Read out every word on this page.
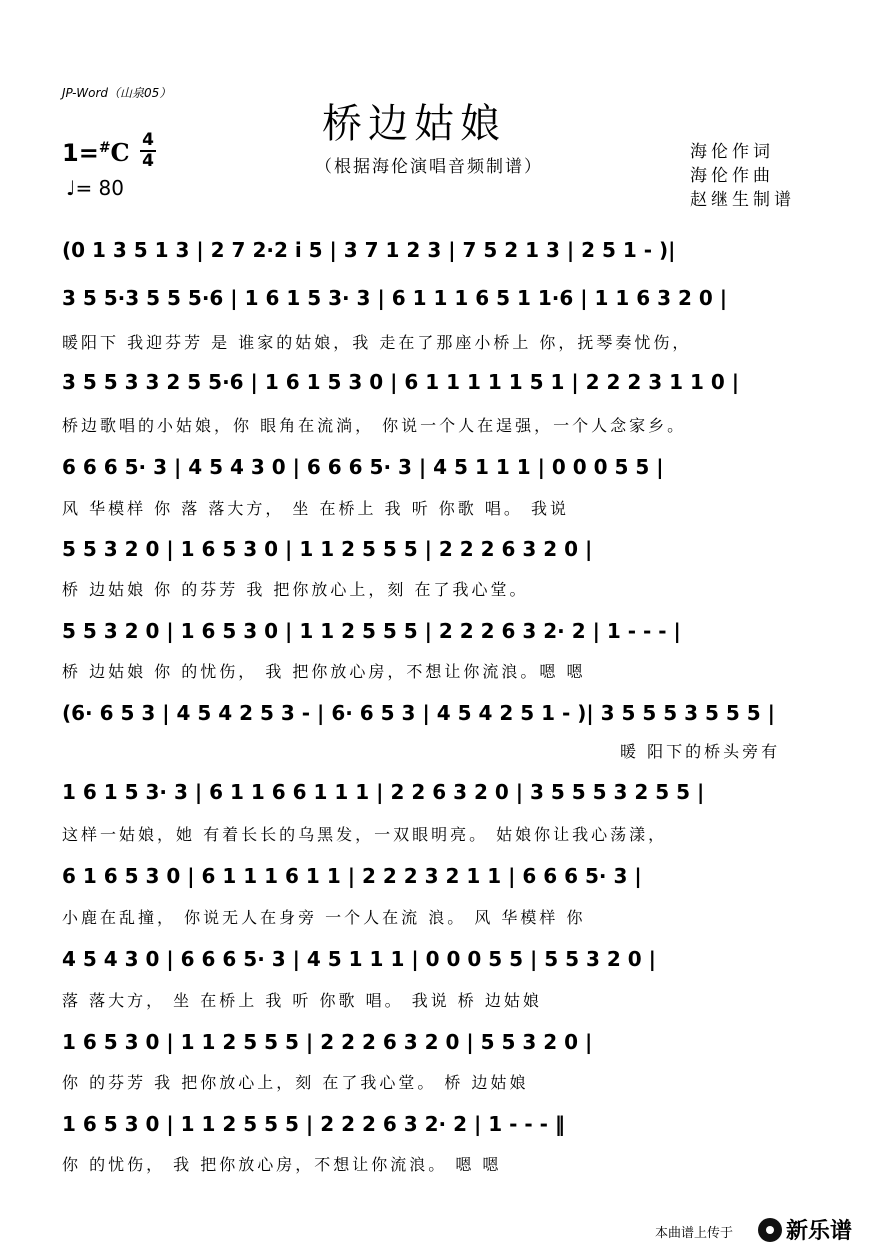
JP-Word（山泉05）
桥边姑娘
（根据海伦演唱音频制谱）
1=#C 4
4
♩= 80
海伦作词
海伦作曲
赵继生制谱
(0 1 3 5 1 3 | 2 7 2·2 i 5 | 3 7 1 2 3 | 7 5 2 1 3 | 2 5 1 - )|
3 5 5·3 5 5 5·6 | 1 6 1 5 3· 3 | 6 1 1 1 6 5 1 1·6 | 1 1 6 3 2 0 |
暖阳下 我迎芬芳 是 谁家的姑娘，我 走在了那座小桥上 你，抚琴奏忧伤，
3 5 5 3 3 2 5 5·6 | 1 6 1 5 3 0 | 6 1 1 1 1 1 5 1 | 2 2 2 3 1 1 0 |
桥边歌唱的小姑娘，你 眼角在流淌， 你说一个人在逞强，一个人念家乡。
6 6 6 5· 3 | 4 5 4 3 0 | 6 6 6 5· 3 | 4 5 1 1 1 | 0 0 0 5 5 |
风 华模样 你 落 落大方， 坐 在桥上 我 听 你歌 唱。 我说
5 5 3 2 0 | 1 6 5 3 0 | 1 1 2 5 5 5 | 2 2 2 6 3 2 0 |
桥 边姑娘 你 的芬芳 我 把你放心上，刻 在了我心堂。
5 5 3 2 0 | 1 6 5 3 0 | 1 1 2 5 5 5 | 2 2 2 6 3 2· 2 | 1 - - - |
桥 边姑娘 你 的忧伤， 我 把你放心房，不想让你流浪。嗯 嗯
(6· 6 5 3 | 4 5 4 2 5 3 - | 6· 6 5 3 | 4 5 4 2 5 1 - )| 3 5 5 5 3 5 5 5 |
暖 阳下的桥头旁有
1 6 1 5 3· 3 | 6 1 1 6 6 1 1 1 | 2 2 6 3 2 0 | 3 5 5 5 3 2 5 5 |
这样一姑娘，她 有着长长的乌黑发，一双眼明亮。 姑娘你让我心荡漾，
6 1 6 5 3 0 | 6 1 1 1 6 1 1 | 2 2 2 3 2 1 1 | 6 6 6 5· 3 |
小鹿在乱撞， 你说无人在身旁 一个人在流 浪。 风 华模样 你
4 5 4 3 0 | 6 6 6 5· 3 | 4 5 1 1 1 | 0 0 0 5 5 | 5 5 3 2 0 |
落 落大方， 坐 在桥上 我 听 你歌 唱。 我说 桥 边姑娘
1 6 5 3 0 | 1 1 2 5 5 5 | 2 2 2 6 3 2 0 | 5 5 3 2 0 |
你 的芬芳 我 把你放心上，刻 在了我心堂。 桥 边姑娘
1 6 5 3 0 | 1 1 2 5 5 5 | 2 2 2 6 3 2· 2 | 1 - - - ‖
你 的忧伤， 我 把你放心房，不想让你流浪。 嗯 嗯
本曲谱上传于 新乐谱
